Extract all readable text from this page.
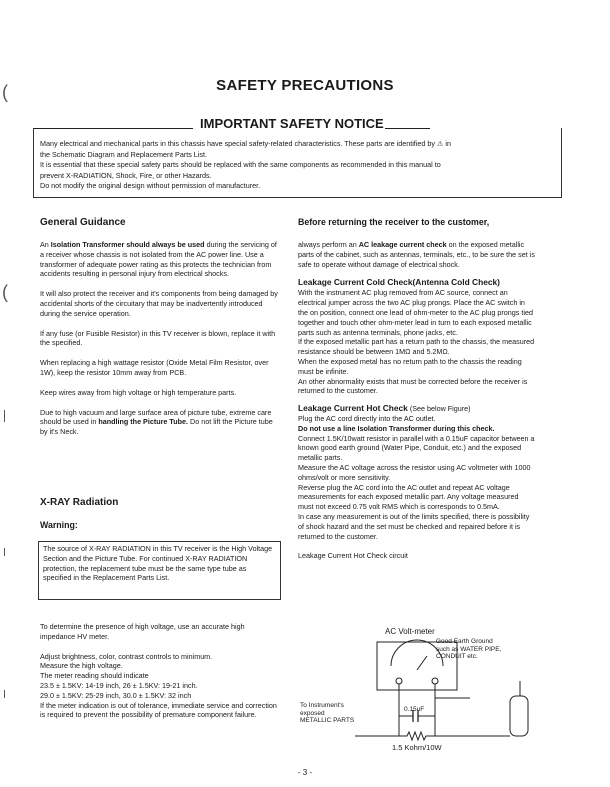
(
(
SAFETY PRECAUTIONS
IMPORTANT SAFETY NOTICE

Many electrical and mechanical parts in this chassis have special safety-related characteristics. These parts are identified by ⚠ in

the Schematic Diagram and Replacement Parts List.

It is essential that these special safety parts should be replaced with the same components as recommended in this manual to

prevent X-RADIATION, Shock, Fire, or other Hazards.

Do not modify the original design without permission of manufacturer.

General Guidance

An Isolation Transformer should always be used during the servicing of a receiver whose chassis is not isolated from the AC power line. Use a transformer of adequate power rating as this protects the technician from accidents resulting in personal injury from electrical shocks.

It will also protect the receiver and it's components from being damaged by accidental shorts of the circuitary that may be inadvertently introduced during the service operation.

If any fuse (or Fusible Resistor) in this TV receiver is blown, replace it with the specified.

When replacing a high wattage resistor (Oxide Metal Film Resistor, over 1W), keep the resistor 10mm away from PCB.

Keep wires away from high voltage or high temperature parts.

Due to high vacuum and large surface area of picture tube, extreme care should be used in handling the Picture Tube. Do not lift the Picture tube by it's Neck.

X-RAY Radiation
Warning:

The source of X-RAY RADIATION in this TV receiver is the High Voltage Section and the Picture Tube. For continued X-RAY RADIATION protection, the replacement tube must be the same type tube as specified in the Replacement Parts List.

To determine the presence of high voltage, use an accurate high impedance HV meter.

Adjust brightness, color, contrast controls to minimum.

Measure the high voltage.

The meter reading should indicate

23.5 ± 1.5KV: 14-19 inch, 26 ± 1.5KV: 19-21 inch.

29.0 ± 1.5KV: 25-29 inch, 30.0 ± 1.5KV: 32 inch

If the meter indication is out of tolerance, immediate service and correction is required to prevent the possibility of premature component failure.

Before returning the receiver to the customer,

always perform an AC leakage current check on the exposed metallic parts of the cabinet, such as antennas, terminals, etc., to be sure the set is safe to operate without damage of electrical shock.

Leakage Current Cold Check(Antenna Cold Check)

With the instrument AC plug removed from AC source, connect an electrical jumper across the two AC plug prongs. Place the AC switch in the on position, connect one lead of ohm-meter to the AC plug prongs tied together and touch other ohm-meter lead in turn to each exposed metallic parts such as antenna terminals, phone jacks, etc.

If the exposed metallic part has a return path to the chassis, the measured resistance should be between 1MΩ and 5.2MΩ.

When the exposed metal has no return path to the chassis the reading must be infinite.

An other abnormality exists that must be corrected before the receiver is returned to the customer.

Leakage Current Hot Check (See below Figure)

Plug the AC cord directly into the AC outlet.

Do not use a line Isolation Transformer during this check.

Connect 1.5K/10watt resistor in parallel with a 0.15uF capacitor between a known good earth ground (Water Pipe, Conduit, etc.) and the exposed metallic parts.

Measure the AC voltage across the resistor using AC voltmeter with 1000 ohms/volt or more sensitivity.

Reverse plug the AC cord into the AC outlet and repeat AC voltage measurements for each exposed metallic part. Any voltage measured must not exceed 0.75 volt RMS which is corresponds to 0.5mA.

In case any measurement is out of the limits specified, there is possibility of shock hazard and the set must be checked and repaired before it is returned to the customer.

Leakage Current Hot Check circuit

AC Volt-meter
Good Earth Ground
such as WATER PIPE,
CONDUIT etc.
To Instrument's
exposed
METALLIC PARTS
0.15uF
1.5 Kohm/10W
- 3 -
